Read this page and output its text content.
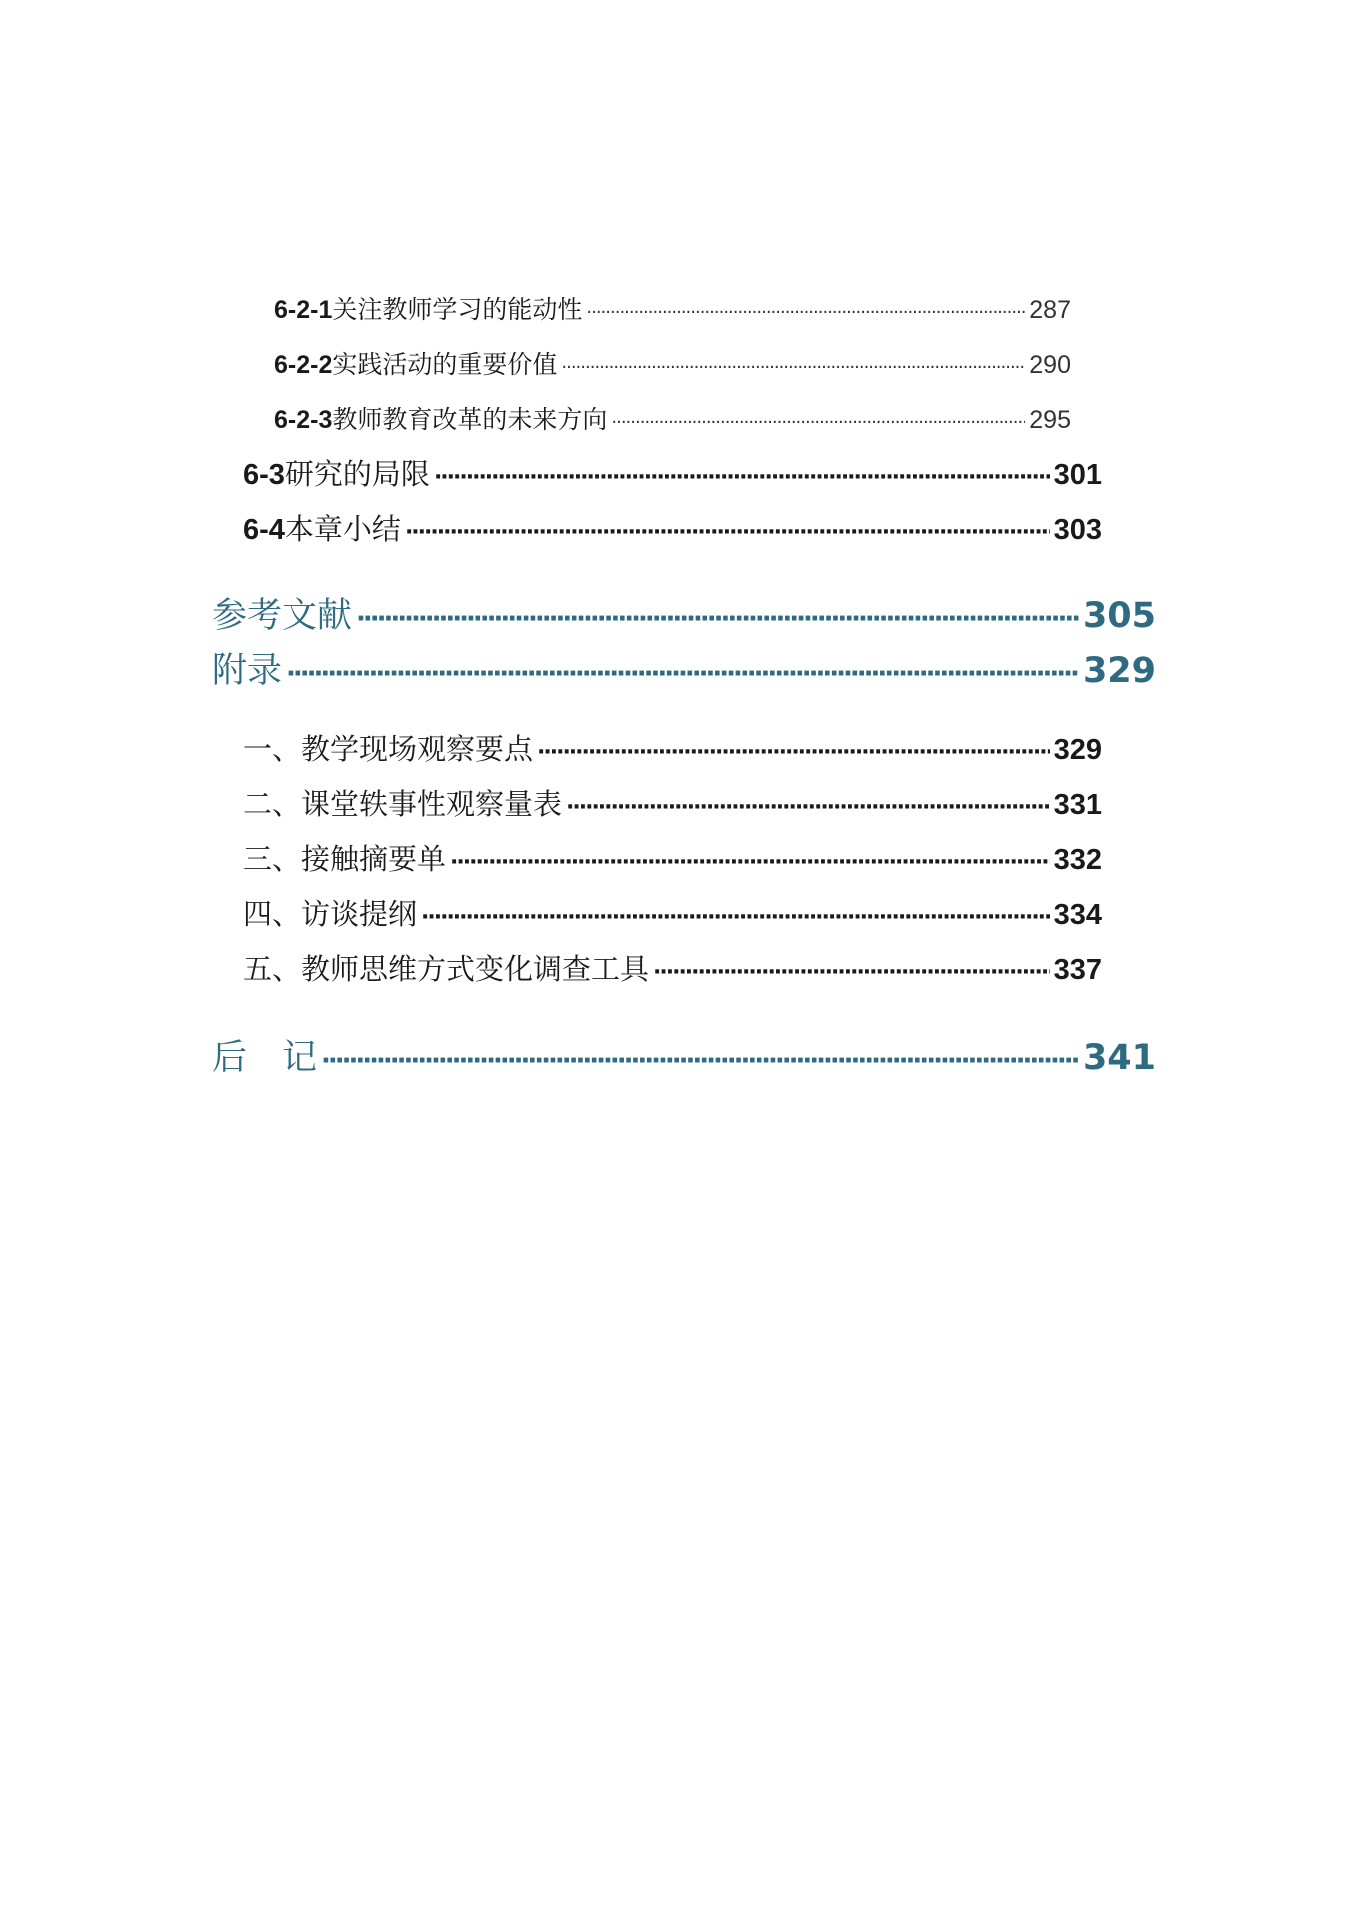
6-2-1 关注教师学习的能动性 ·····	287
6-2-2 实践活动的重要价值 ·····	290
6-2-3 教师教育改革的未来方向 ·····	295
6-3 研究的局限 ·····	301
6-4 本章小结 ·····	303
参考文献 ·····	305
附录 ·····	329
一、教学现场观察要点 ·····	329
二、课堂轶事性观察量表 ·····	331
三、接触摘要单 ·····	332
四、访谈提纲 ·····	334
五、教师思维方式变化调查工具 ·····	337
后　记 ·····	341
